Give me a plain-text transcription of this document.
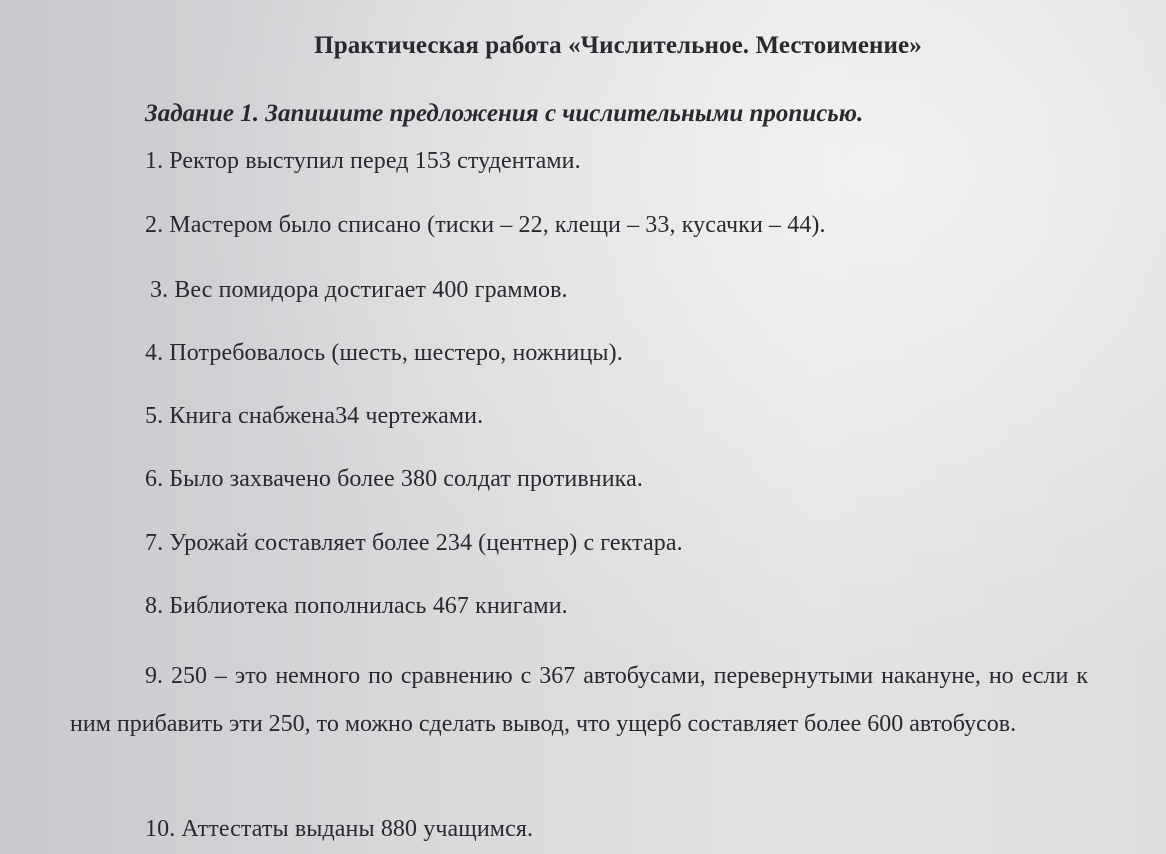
Практическая работа «Числительное. Местоимение»

Задание 1. Запишите предложения с числительными прописью.

1. Ректор выступил перед 153 студентами.

2. Мастером было списано (тиски – 22, клещи – 33, кусачки – 44).

3. Вес помидора достигает 400 граммов.

4. Потребовалось (шесть, шестеро, ножницы).

5. Книга снабжена34 чертежами.

6. Было захвачено более 380 солдат противника.

7. Урожай составляет более 234 (центнер) с гектара.

8. Библиотека пополнилась 467 книгами.

9. 250 – это немного по сравнению с 367 автобусами, перевернутыми накануне, но если к ним прибавить эти 250, то можно сделать вывод, что ущерб составляет более 600 автобусов.

10. Аттестаты выданы 880 учащимся.
